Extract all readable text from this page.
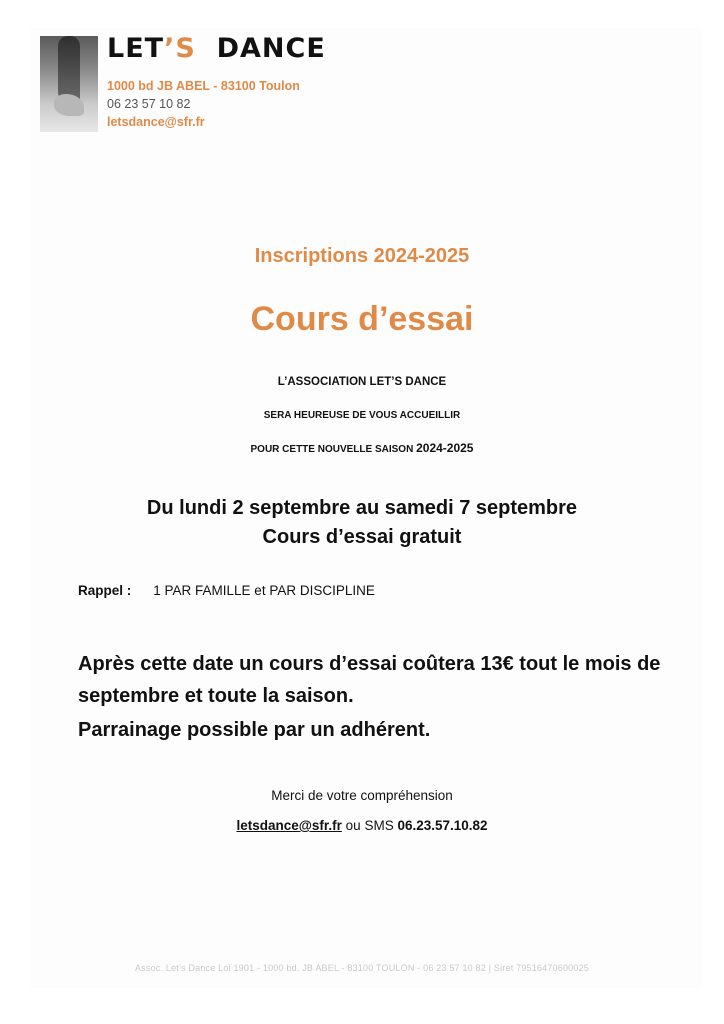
LET’S DANCE
1000 bd JB ABEL - 83100 Toulon
06 23 57 10 82
letsdance@sfr.fr
Inscriptions 2024-2025
Cours d’essai
L’ASSOCIATION LET’S DANCE
SERA HEUREUSE DE VOUS ACCUEILLIR
POUR CETTE NOUVELLE SAISON 2024-2025
Du lundi 2 septembre au samedi 7 septembre
Cours d’essai gratuit
Rappel : 1 PAR FAMILLE et PAR DISCIPLINE
Après cette date un cours d’essai coûtera 13€ tout le mois de septembre et toute la saison.
Parrainage possible par un adhérent.
Merci de votre compréhension
letsdance@sfr.fr ou SMS 06.23.57.10.82
Assoc. Let’s Dance Loi 1901 - 1000 bd. JB ABEL - 83100 TOULON - 06 23 57 10 82 | Siret 79516470600025
